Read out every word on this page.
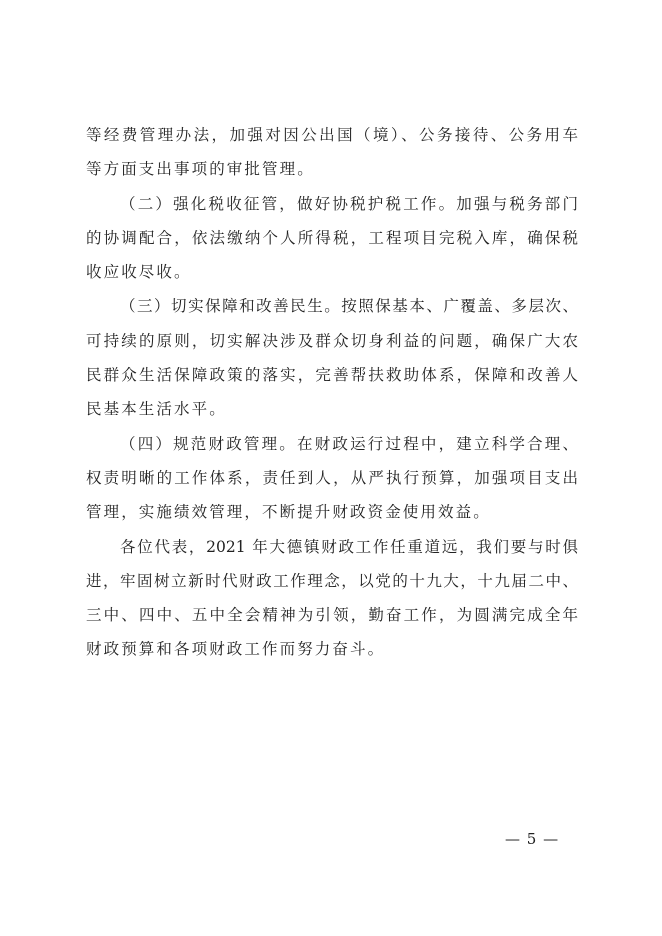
等经费管理办法，加强对因公出国（境）、公务接待、公务用车
等方面支出事项的审批管理。
（二）强化税收征管，做好协税护税工作。加强与税务部门
的协调配合，依法缴纳个人所得税，工程项目完税入库，确保税
收应收尽收。
（三）切实保障和改善民生。按照保基本、广覆盖、多层次、
可持续的原则，切实解决涉及群众切身利益的问题，确保广大农
民群众生活保障政策的落实，完善帮扶救助体系，保障和改善人
民基本生活水平。
（四）规范财政管理。在财政运行过程中，建立科学合理、
权责明晰的工作体系，责任到人，从严执行预算，加强项目支出
管理，实施绩效管理，不断提升财政资金使用效益。
各位代表，2021 年大德镇财政工作任重道远，我们要与时俱
进，牢固树立新时代财政工作理念，以党的十九大，十九届二中、
三中、四中、五中全会精神为引领，勤奋工作，为圆满完成全年
财政预算和各项财政工作而努力奋斗。
— 5 —
